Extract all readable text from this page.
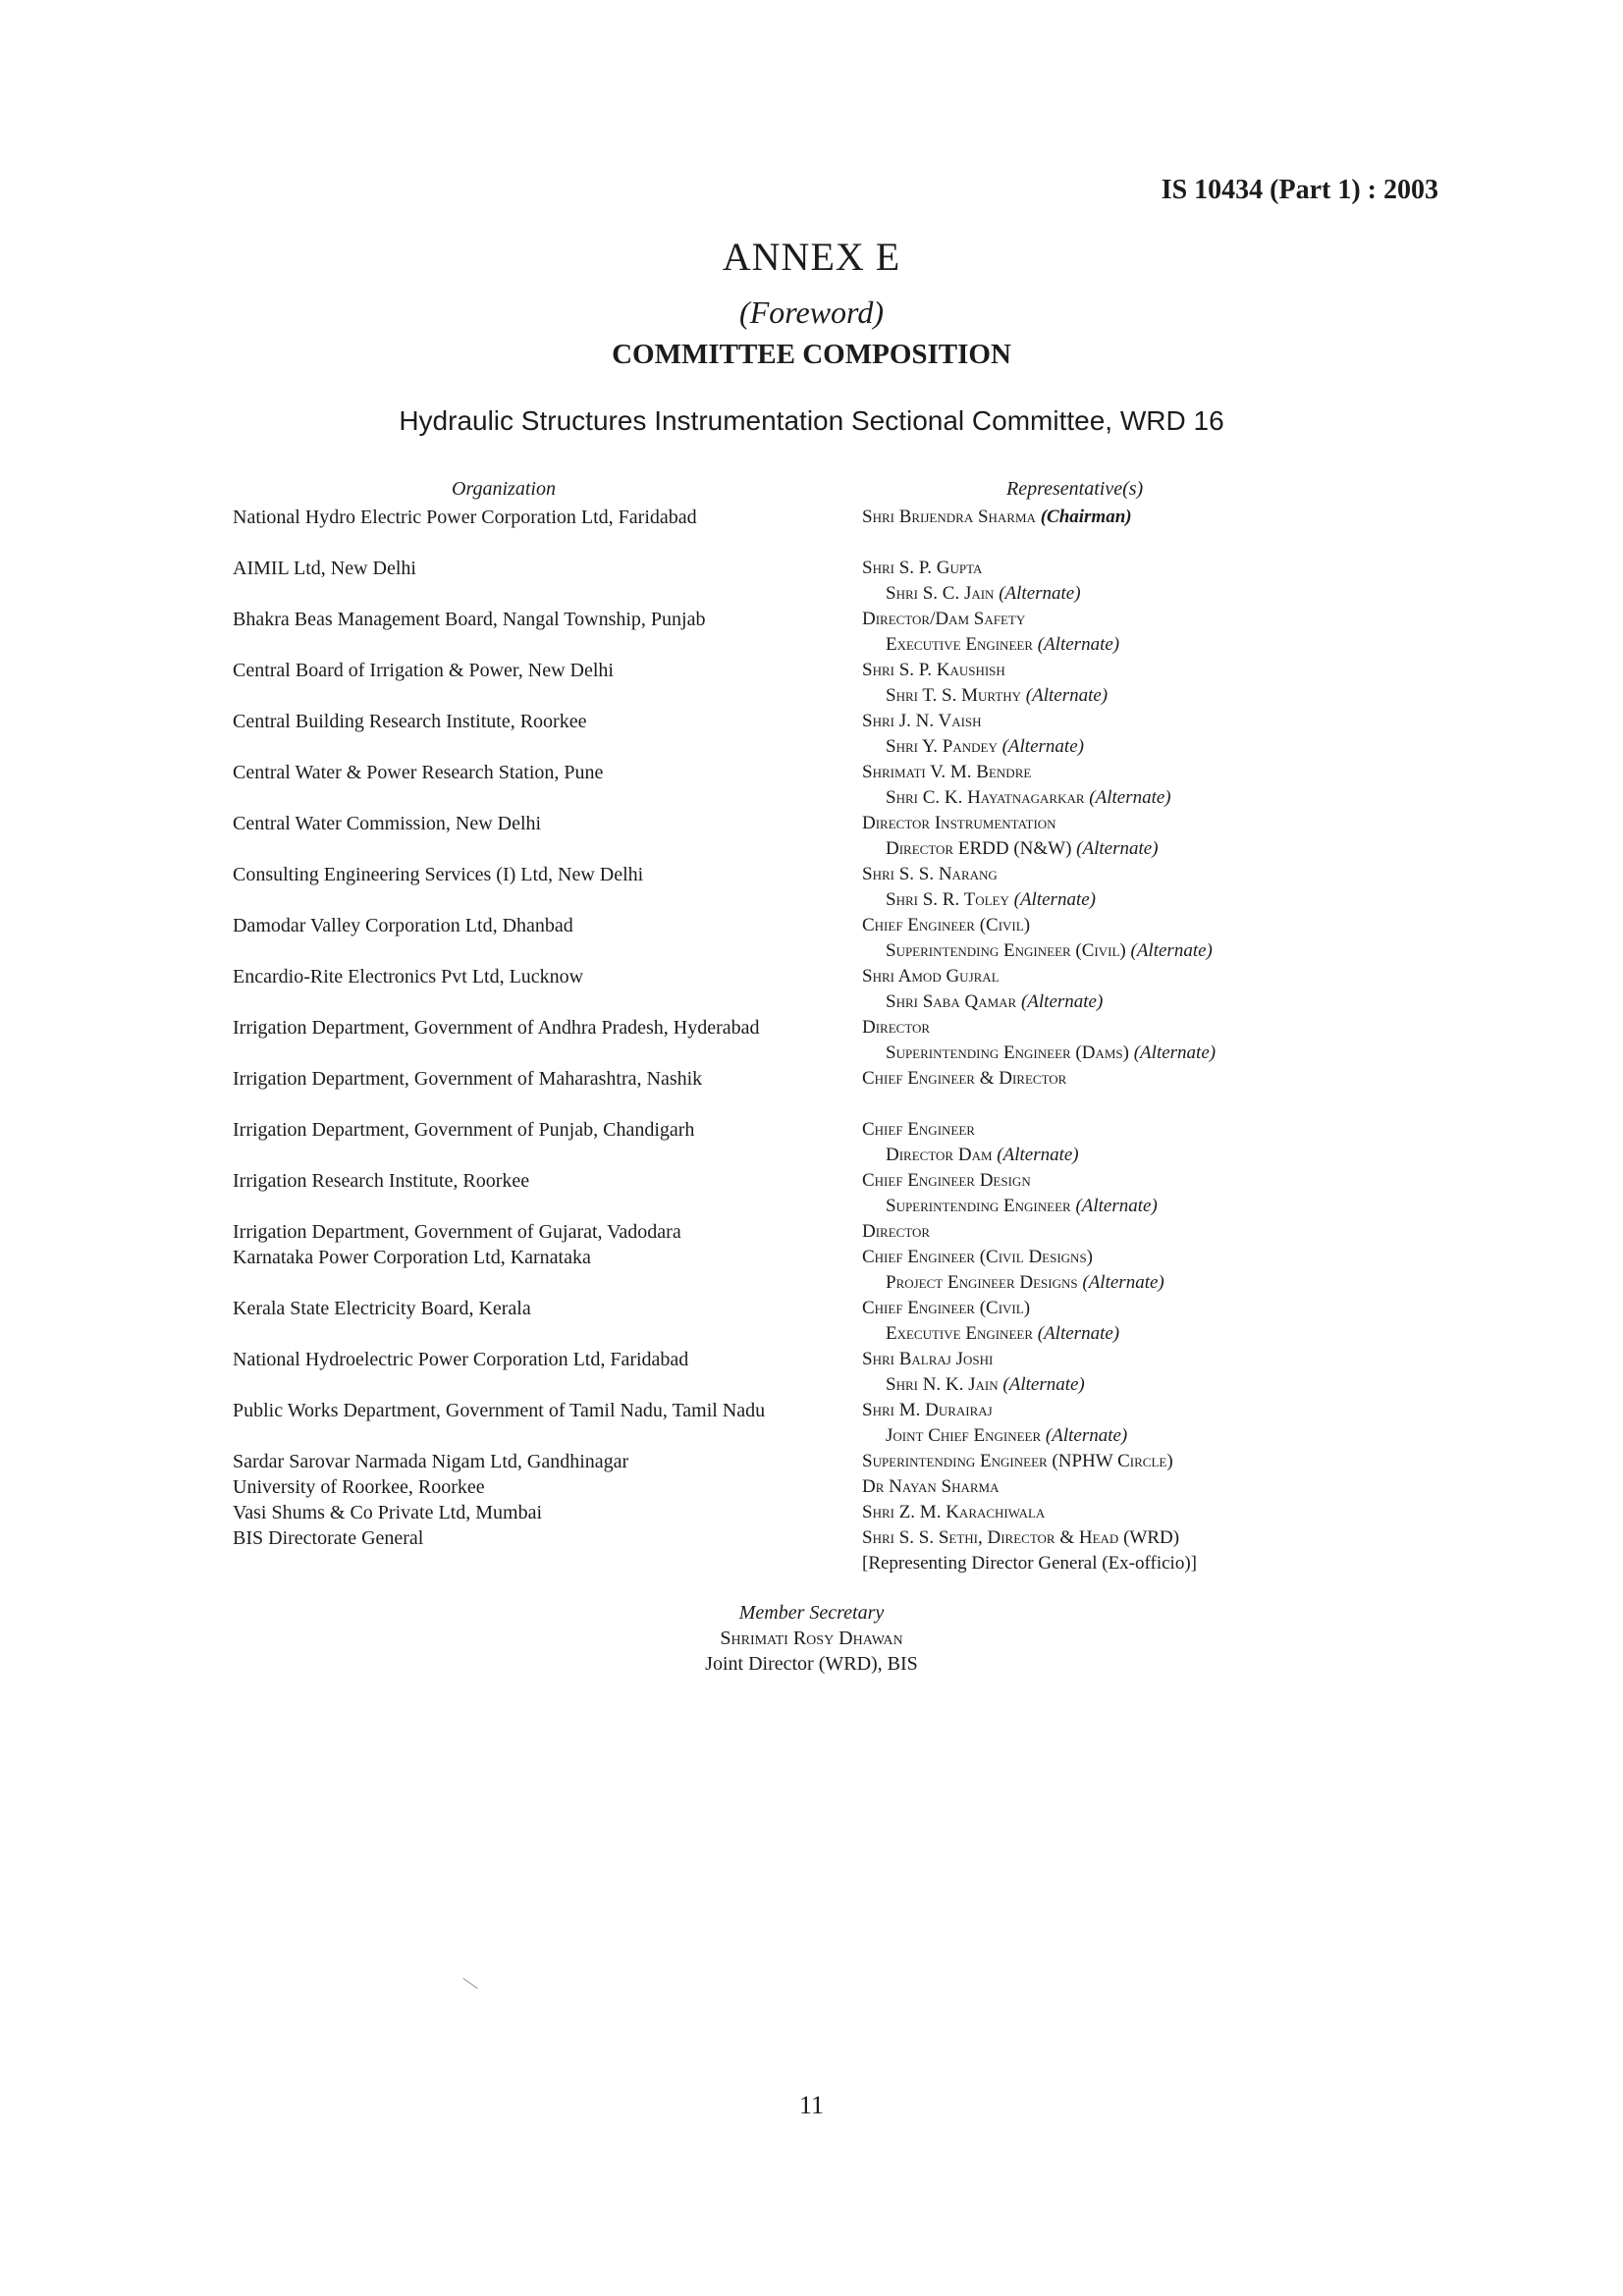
IS 10434 (Part 1) : 2003
ANNEX E
(Foreword)
COMMITTEE COMPOSITION
Hydraulic Structures Instrumentation Sectional Committee, WRD 16
Organization	Representative(s)
National Hydro Electric Power Corporation Ltd, Faridabad
AIMIL Ltd, New Delhi
Bhakra Beas Management Board, Nangal Township, Punjab
Central Board of Irrigation & Power, New Delhi
Central Building Research Institute, Roorkee
Central Water & Power Research Station, Pune
Central Water Commission, New Delhi
Consulting Engineering Services (I) Ltd, New Delhi
Damodar Valley Corporation Ltd, Dhanbad
Encardio-Rite Electronics Pvt Ltd, Lucknow
Irrigation Department, Government of Andhra Pradesh, Hyderabad
Irrigation Department, Government of Maharashtra, Nashik
Irrigation Department, Government of Punjab, Chandigarh
Irrigation Research Institute, Roorkee
Irrigation Department, Government of Gujarat, Vadodara
Karnataka Power Corporation Ltd, Karnataka
Kerala State Electricity Board, Kerala
National Hydroelectric Power Corporation Ltd, Faridabad
Public Works Department, Government of Tamil Nadu, Tamil Nadu
Sardar Sarovar Narmada Nigam Ltd, Gandhinagar
University of Roorkee, Roorkee
Vasi Shums & Co Private Ltd, Mumbai
BIS Directorate General
Shri Brijendra Sharma (Chairman)
Shri S. P. Gupta
Shri S. C. Jain (Alternate)
Director/Dam Safety
Executive Engineer (Alternate)
Shri S. P. Kaushish
Shri T. S. Murthy (Alternate)
Shri J. N. Vaish
Shri Y. Pandey (Alternate)
Shrimati V. M. Bendre
Shri C. K. Hayatnagarkar (Alternate)
Director Instrumentation
Director ERDD (N&W) (Alternate)
Shri S. S. Narang
Shri S. R. Toley (Alternate)
Chief Engineer (Civil)
Superintending Engineer (Civil) (Alternate)
Shri Amod Gujral
Shri Saba Qamar (Alternate)
Director
Superintending Engineer (Dams) (Alternate)
Chief Engineer & Director
Chief Engineer
Director Dam (Alternate)
Chief Engineer Design
Superintending Engineer (Alternate)
Director
Chief Engineer (Civil Designs)
Project Engineer Designs (Alternate)
Chief Engineer (Civil)
Executive Engineer (Alternate)
Shri Balraj Joshi
Shri N. K. Jain (Alternate)
Shri M. Durairaj
Joint Chief Engineer (Alternate)
Superintending Engineer (NPHW Circle)
Dr Nayan Sharma
Shri Z. M. Karachiwala
Shri S. S. Sethi, Director & Head (WRD)
[Representing Director General (Ex-officio)]
Member Secretary
Shrimati Rosy Dhawan
Joint Director (WRD), BIS
11
